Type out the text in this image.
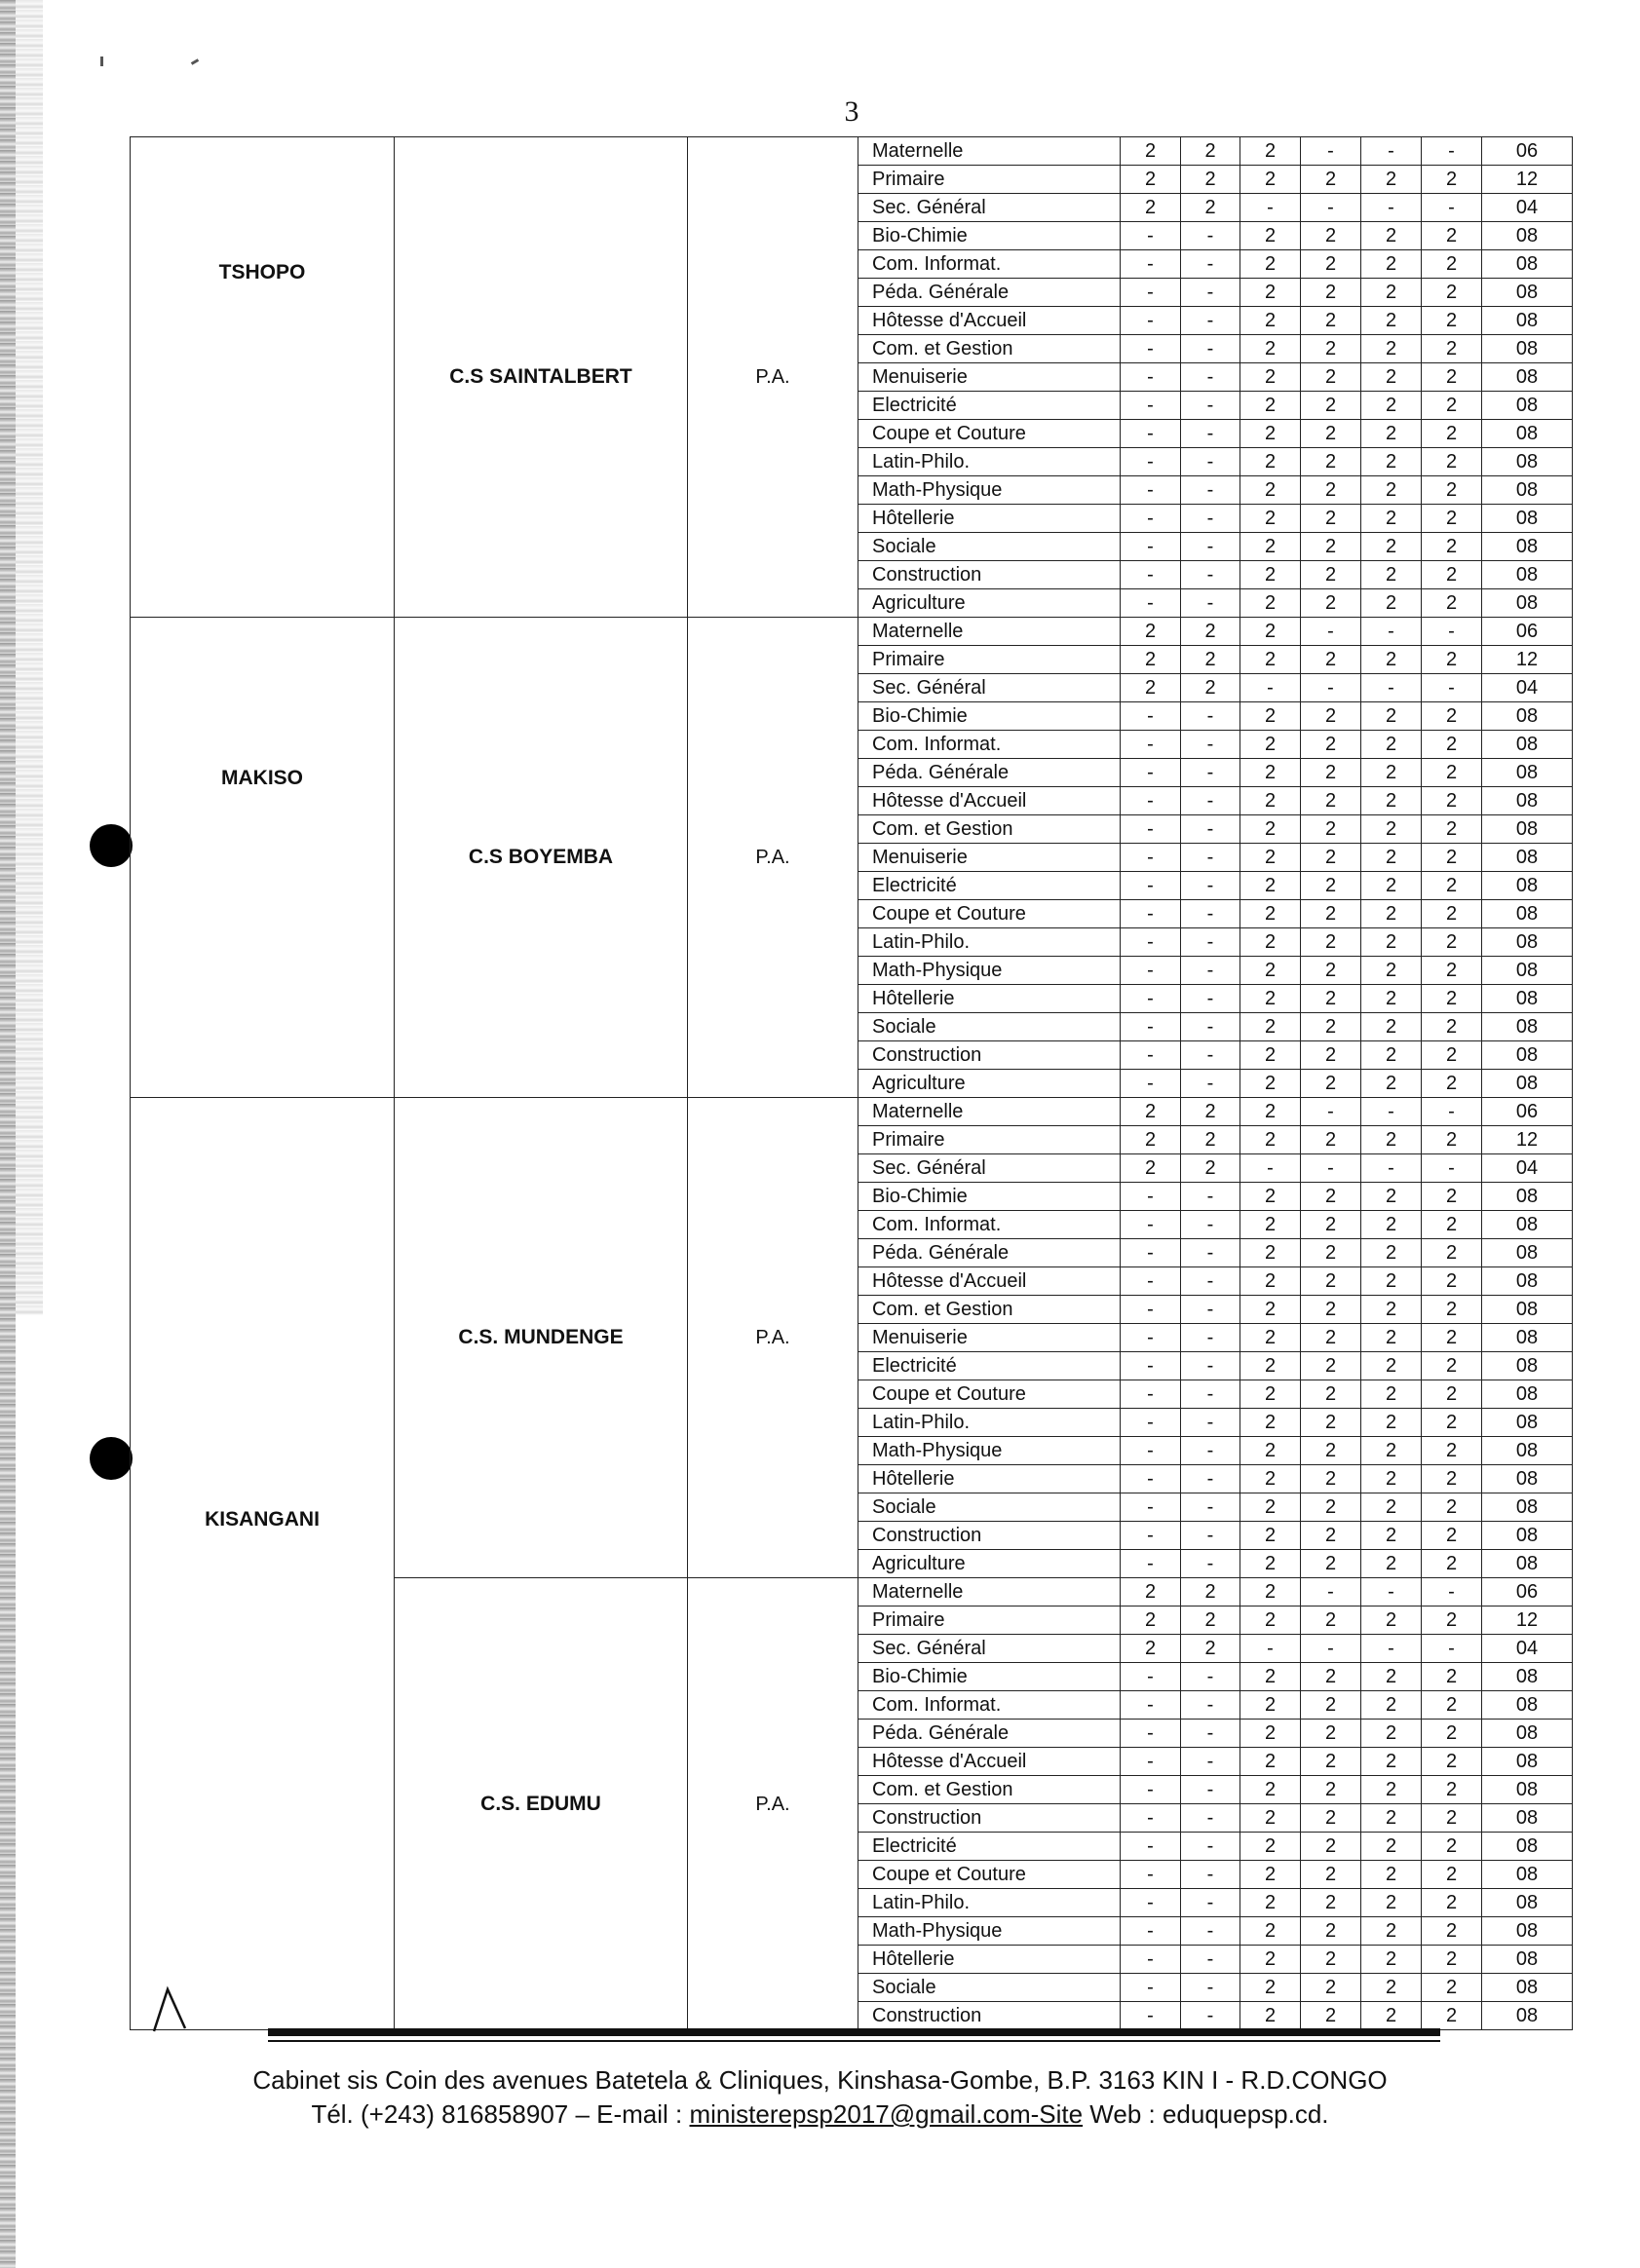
3
TSHOPO	C.S SAINTALBERT	P.A.	Maternelle	2	2	2	-	-	-	06
			Primaire	2	2	2	2	2	2	12
			Sec. Général	2	2	-	-	-	-	04
			Bio-Chimie	-	-	2	2	2	2	08
			Com. Informat.	-	-	2	2	2	2	08
			Péda. Générale	-	-	2	2	2	2	08
			Hôtesse d'Accueil	-	-	2	2	2	2	08
			Com. et Gestion	-	-	2	2	2	2	08
			Menuiserie	-	-	2	2	2	2	08
			Electricité	-	-	2	2	2	2	08
			Coupe et Couture	-	-	2	2	2	2	08
			Latin-Philo.	-	-	2	2	2	2	08
			Math-Physique	-	-	2	2	2	2	08
			Hôtellerie	-	-	2	2	2	2	08
			Sociale	-	-	2	2	2	2	08
			Construction	-	-	2	2	2	2	08
			Agriculture	-	-	2	2	2	2	08
MAKISO	C.S BOYEMBA	P.A.	Maternelle	2	2	2	-	-	-	06
			Primaire	2	2	2	2	2	2	12
			Sec. Général	2	2	-	-	-	-	04
			Bio-Chimie	-	-	2	2	2	2	08
			Com. Informat.	-	-	2	2	2	2	08
			Péda. Générale	-	-	2	2	2	2	08
			Hôtesse d'Accueil	-	-	2	2	2	2	08
			Com. et Gestion	-	-	2	2	2	2	08
			Menuiserie	-	-	2	2	2	2	08
			Electricité	-	-	2	2	2	2	08
			Coupe et Couture	-	-	2	2	2	2	08
			Latin-Philo.	-	-	2	2	2	2	08
			Math-Physique	-	-	2	2	2	2	08
			Hôtellerie	-	-	2	2	2	2	08
			Sociale	-	-	2	2	2	2	08
			Construction	-	-	2	2	2	2	08
			Agriculture	-	-	2	2	2	2	08
KISANGANI	C.S. MUNDENGE	P.A.	Maternelle	2	2	2	-	-	-	06
			Primaire	2	2	2	2	2	2	12
			Sec. Général	2	2	-	-	-	-	04
			Bio-Chimie	-	-	2	2	2	2	08
			Com. Informat.	-	-	2	2	2	2	08
			Péda. Générale	-	-	2	2	2	2	08
			Hôtesse d'Accueil	-	-	2	2	2	2	08
			Com. et Gestion	-	-	2	2	2	2	08
			Menuiserie	-	-	2	2	2	2	08
			Electricité	-	-	2	2	2	2	08
			Coupe et Couture	-	-	2	2	2	2	08
			Latin-Philo.	-	-	2	2	2	2	08
			Math-Physique	-	-	2	2	2	2	08
			Hôtellerie	-	-	2	2	2	2	08
			Sociale	-	-	2	2	2	2	08
			Construction	-	-	2	2	2	2	08
			Agriculture	-	-	2	2	2	2	08
	C.S. EDUMU	P.A.	Maternelle	2	2	2	-	-	-	06
			Primaire	2	2	2	2	2	2	12
			Sec. Général	2	2	-	-	-	-	04
			Bio-Chimie	-	-	2	2	2	2	08
			Com. Informat.	-	-	2	2	2	2	08
			Péda. Générale	-	-	2	2	2	2	08
			Hôtesse d'Accueil	-	-	2	2	2	2	08
			Com. et Gestion	-	-	2	2	2	2	08
			Construction	-	-	2	2	2	2	08
			Electricité	-	-	2	2	2	2	08
			Coupe et Couture	-	-	2	2	2	2	08
			Latin-Philo.	-	-	2	2	2	2	08
			Math-Physique	-	-	2	2	2	2	08
			Hôtellerie	-	-	2	2	2	2	08
			Sociale	-	-	2	2	2	2	08
			Construction	-	-	2	2	2	2	08
Cabinet sis Coin des avenues Batetela & Cliniques, Kinshasa-Gombe, B.P. 3163 KIN I - R.D.CONGO
Tél. (+243) 816858907 – E-mail : ministerepsp2017@gmail.com-Site Web : eduquepsp.cd.
